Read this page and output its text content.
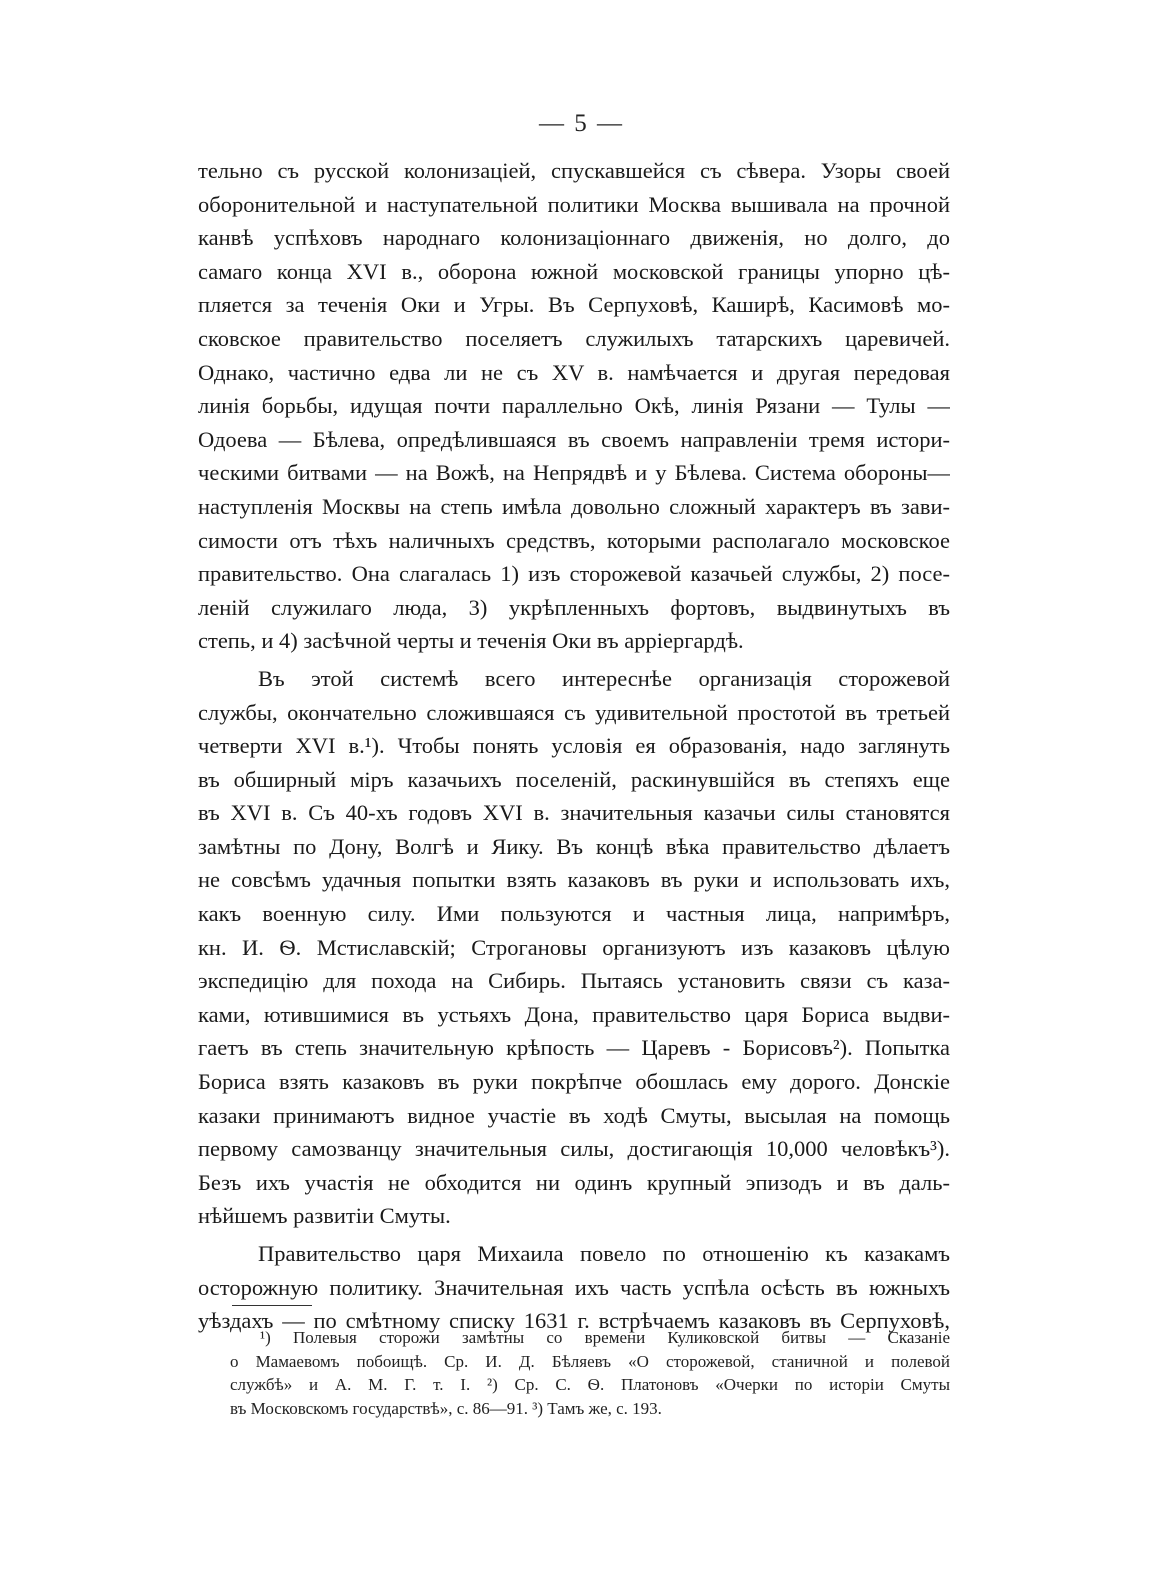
— 5 —
тельно съ русской колонизаціей, спускавшейся съ сѣвера. Узоры своей
оборонительной и наступательной политики Москва вышивала на прочной
канвѣ успѣховъ народнаго колонизаціоннаго движенія, но долго, до
самаго конца XVI в., оборона южной московской границы упорно цѣ-
пляется за теченія Оки и Угры. Въ Серпуховѣ, Каширѣ, Касимовѣ мо-
сковское правительство поселяетъ служилыхъ татарскихъ царевичей.
Однако, частично едва ли не съ XV в. намѣчается и другая передовая
линія борьбы, идущая почти параллельно Окѣ, линія Рязани — Тулы —
Одоева — Бѣлева, опредѣлившаяся въ своемъ направленіи тремя истори-
ческими битвами — на Вожѣ, на Непрядвѣ и у Бѣлева. Система обороны—
наступленія Москвы на степь имѣла довольно сложный характеръ въ зави-
симости отъ тѣхъ наличныхъ средствъ, которыми располагало московское
правительство. Она слагалась 1) изъ сторожевой казачьей службы, 2) посе-
леній служилаго люда, 3) укрѣпленныхъ фортовъ, выдвинутыхъ въ
степь, и 4) засѣчной черты и теченія Оки въ арріергардѣ.
Въ этой системѣ всего интереснѣе организація сторожевой
службы, окончательно сложившаяся съ удивительной простотой въ третьей
четверти XVI в.¹). Чтобы понять условія ея образованія, надо заглянуть
въ обширный міръ казачьихъ поселеній, раскинувшійся въ степяхъ еще
въ XVI в. Съ 40-хъ годовъ XVI в. значительныя казачьи силы становятся
замѣтны по Дону, Волгѣ и Яику. Въ концѣ вѣка правительство дѣлаетъ
не совсѣмъ удачныя попытки взять казаковъ въ руки и использовать ихъ,
какъ военную силу. Ими пользуются и частныя лица, напримѣръ,
кн. И. Ѳ. Мстиславскій; Строгановы организуютъ изъ казаковъ цѣлую
экспедицію для похода на Сибирь. Пытаясь установить связи съ каза-
ками, ютившимися въ устьяхъ Дона, правительство царя Бориса выдви-
гаетъ въ степь значительную крѣпость — Царевъ - Борисовъ²). Попытка
Бориса взять казаковъ въ руки покрѣпче обошлась ему дорого. Донскіе
казаки принимаютъ видное участіе въ ходѣ Смуты, высылая на помощь
первому самозванцу значительныя силы, достигающія 10,000 человѣкъ³).
Безъ ихъ участія не обходится ни одинъ крупный эпизодъ и въ даль-
нѣйшемъ развитіи Смуты.
Правительство царя Михаила повело по отношенію къ казакамъ
осторожную политику. Значительная ихъ часть успѣла осѣсть въ южныхъ
уѣздахъ — по смѣтному списку 1631 г. встрѣчаемъ казаковъ въ Серпуховѣ,
¹) Полевыя сторожи замѣтны со времени Куликовской битвы — Сказаніе
о Мамаевомъ побоищѣ. Ср. И. Д. Бѣляевъ «О сторожевой, станичной и полевой
службѣ» и А. М. Г. т. I. ²) Ср. С. Ѳ. Платоновъ «Очерки по исторіи Смуты
въ Московскомъ государствѣ», с. 86—91. ³) Тамъ же, с. 193.
